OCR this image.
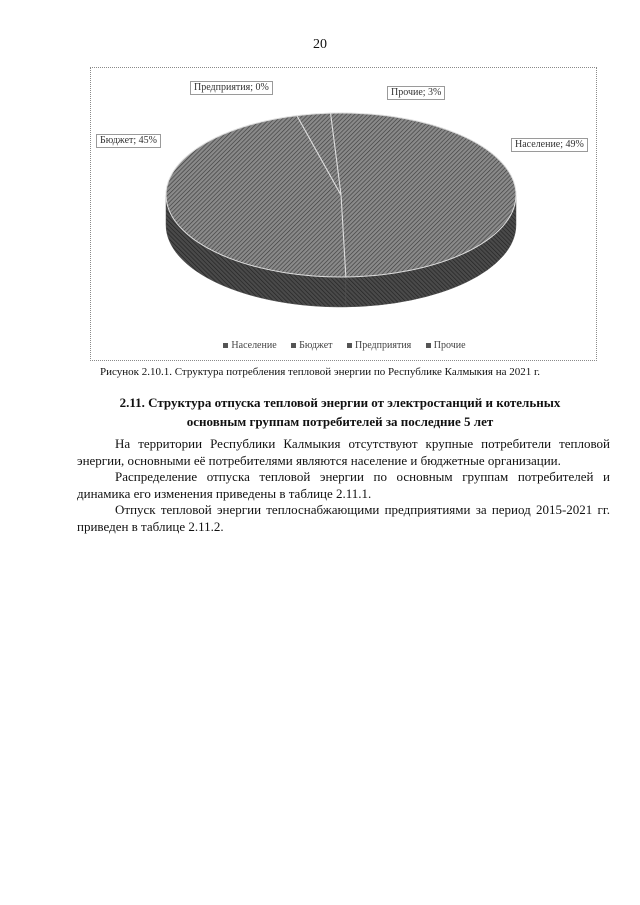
20
Предприятия; 0%	Прочие; 3%
Бюджет; 45%	Население; 49%
Население Бюджет Предприятия Прочие
Рисунок 2.10.1. Структура потребления тепловой энергии по Республике Калмыкия на 2021 г.
2.11. Структура отпуска тепловой энергии от электростанций и котельных
основным группам потребителей за последние 5 лет

На территории Республики Калмыкия отсутствуют крупные потребители тепловой энергии, основными её потребителями являются население и бюджетные организации.

Распределение отпуска тепловой энергии по основным группам потребителей и динамика его изменения приведены в таблице 2.11.1.

Отпуск тепловой энергии теплоснабжающими предприятиями за период 2015-2021 гг. приведен в таблице 2.11.2.
